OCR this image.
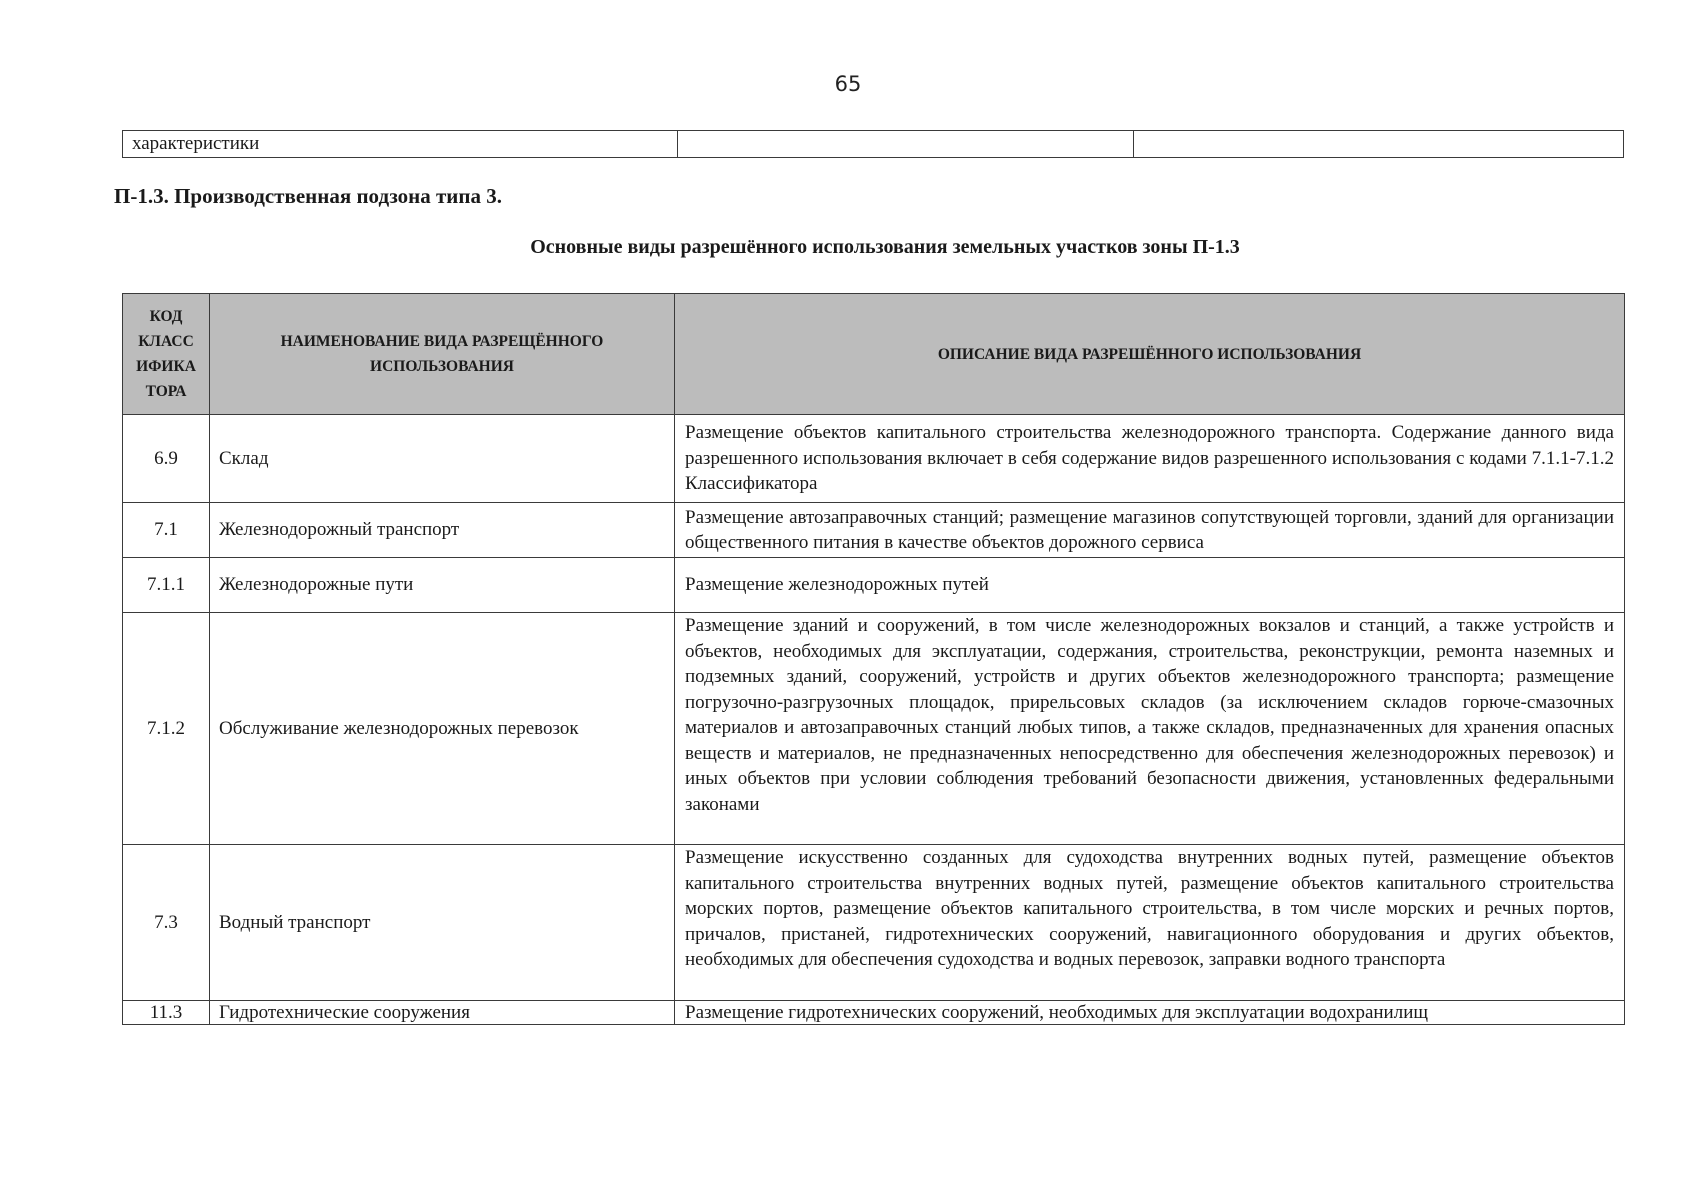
65
характеристики		
П-1.3. Производственная подзона типа 3.
Основные виды разрешённого использования земельных участков зоны П-1.3
КОД КЛАСС ИФИКА ТОРА	НАИМЕНОВАНИЕ ВИДА РАЗРЕЩЁННОГО ИСПОЛЬЗОВАНИЯ	ОПИСАНИЕ ВИДА РАЗРЕШЁННОГО ИСПОЛЬЗОВАНИЯ
6.9	Склад	Размещение объектов капитального строительства железнодорожного транспорта. Содержание данного вида разрешенного использования включает в себя содержание видов разрешенного использования с кодами 7.1.1-7.1.2 Классификатора
7.1	Железнодорожный транспорт	Размещение автозаправочных станций; размещение магазинов сопутствующей торговли, зданий для организации общественного питания в качестве объектов дорожного сервиса
7.1.1	Железнодорожные пути	Размещение железнодорожных путей
7.1.2	Обслуживание железнодорожных перевозок	Размещение зданий и сооружений, в том числе железнодорожных вокзалов и станций, а также устройств и объектов, необходимых для эксплуатации, содержания, строительства, реконструкции, ремонта наземных и подземных зданий, сооружений, устройств и других объектов железнодорожного транспорта; размещение погрузочно-разгрузочных площадок, прирельсовых складов (за исключением складов горюче-смазочных материалов и автозаправочных станций любых типов, а также складов, предназначенных для хранения опасных веществ и материалов, не предназначенных непосредственно для обеспечения железнодорожных перевозок) и иных объектов при условии соблюдения требований безопасности движения, установленных федеральными законами
7.3	Водный транспорт	Размещение искусственно созданных для судоходства внутренних водных путей, размещение объектов капитального строительства внутренних водных путей, размещение объектов капитального строительства морских портов, размещение объектов капитального строительства, в том числе морских и речных портов, причалов, пристаней, гидротехнических сооружений, навигационного оборудования и других объектов, необходимых для обеспечения судоходства и водных перевозок, заправки водного транспорта
11.3	Гидротехнические сооружения	Размещение гидротехнических сооружений, необходимых для эксплуатации водохранилищ
